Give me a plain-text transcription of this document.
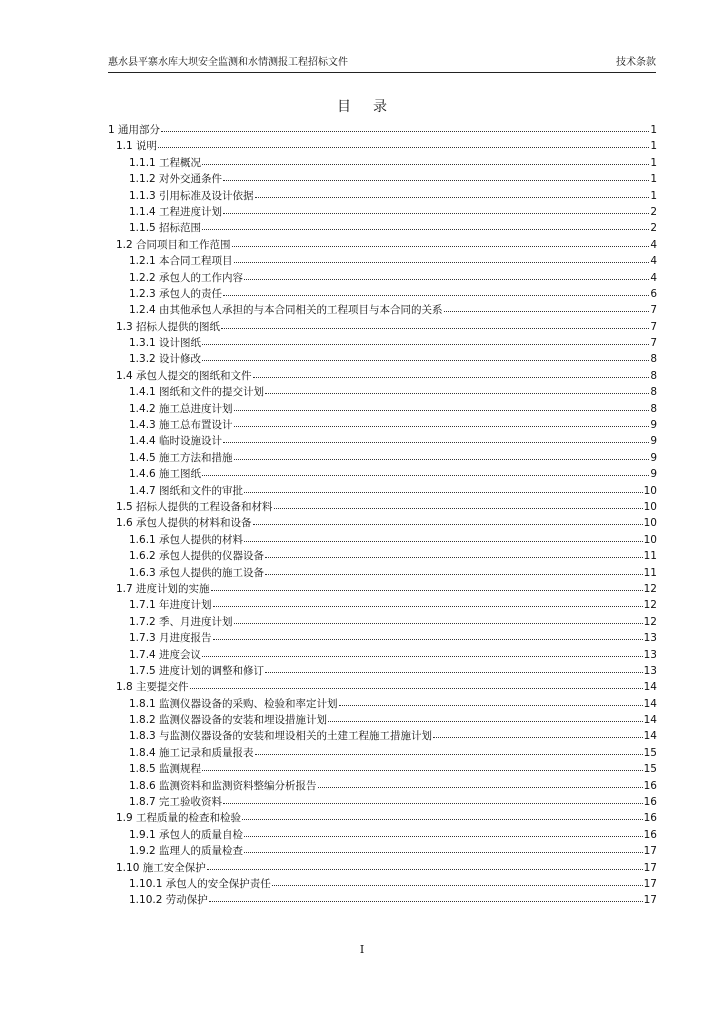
惠水县平寨水库大坝安全监测和水情测报工程招标文件	技术条款
目录
1 通用部分	1
1.1 说明	1
1.1.1 工程概况	1
1.1.2 对外交通条件	1
1.1.3 引用标准及设计依据	1
1.1.4 工程进度计划	2
1.1.5 招标范围	2
1.2 合同项目和工作范围	4
1.2.1 本合同工程项目	4
1.2.2 承包人的工作内容	4
1.2.3 承包人的责任	6
1.2.4 由其他承包人承担的与本合同相关的工程项目与本合同的关系	7
1.3 招标人提供的图纸	7
1.3.1 设计图纸	7
1.3.2 设计修改	8
1.4 承包人提交的图纸和文件	8
1.4.1 图纸和文件的提交计划	8
1.4.2 施工总进度计划	8
1.4.3 施工总布置设计	9
1.4.4 临时设施设计	9
1.4.5 施工方法和措施	9
1.4.6 施工图纸	9
1.4.7 图纸和文件的审批	10
1.5 招标人提供的工程设备和材料	10
1.6 承包人提供的材料和设备	10
1.6.1 承包人提供的材料	10
1.6.2 承包人提供的仪器设备	11
1.6.3 承包人提供的施工设备	11
1.7 进度计划的实施	12
1.7.1 年进度计划	12
1.7.2 季、月进度计划	12
1.7.3 月进度报告	13
1.7.4 进度会议	13
1.7.5 进度计划的调整和修订	13
1.8 主要提交件	14
1.8.1 监测仪器设备的采购、检验和率定计划	14
1.8.2 监测仪器设备的安装和埋设措施计划	14
1.8.3 与监测仪器设备的安装和埋设相关的土建工程施工措施计划	14
1.8.4 施工记录和质量报表	15
1.8.5 监测规程	15
1.8.6 监测资料和监测资料整编分析报告	16
1.8.7 完工验收资料	16
1.9 工程质量的检查和检验	16
1.9.1 承包人的质量自检	16
1.9.2 监理人的质量检查	17
1.10 施工安全保护	17
1.10.1 承包人的安全保护责任	17
1.10.2 劳动保护	17
I
